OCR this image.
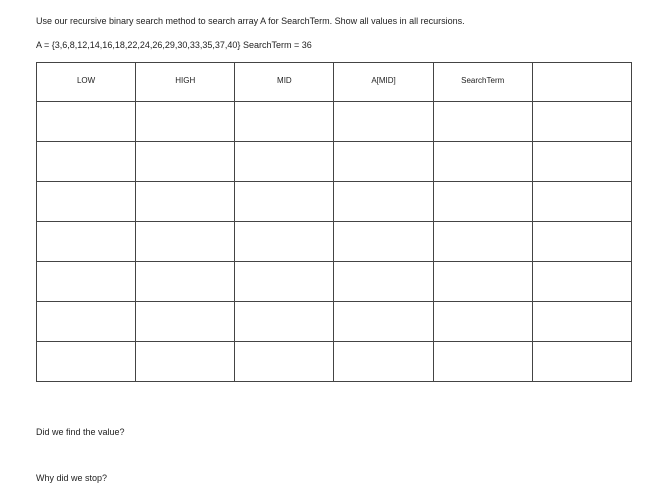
Use our recursive binary search method to search array A for SearchTerm. Show all values in all recursions.
A = {3,6,8,12,14,16,18,22,24,26,29,30,33,35,37,40} SearchTerm = 36
LOW	HIGH	MID	A[MID]	SearchTerm	

Did we find the value?
Why did we stop?
